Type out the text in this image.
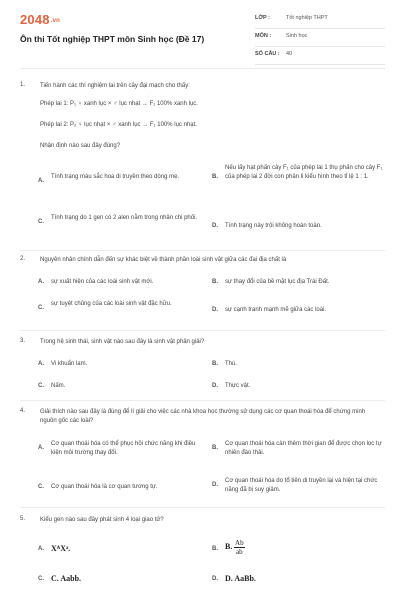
2048.vn
Ôn thi Tốt nghiệp THPT môn Sinh học (Đề 17)
LỚP :	Tốt nghiệp THPT
MÔN :	Sinh học
SỐ CÂU : 40
1. Tiến hành các thí nghiệm lai trên cây đại mạch cho thấy:
Phép lai 1: P₁ ♀ xanh lục × ♂ lục nhạt → F₁ 100% xanh lục.
Phép lai 2: P₂ ♀ lục nhạt × ♂ xanh lục → F₁ 100% lục nhạt.
Nhận định nào sau đây đúng?
A.
Tính trạng màu sắc hoa di truyền theo dòng mẹ.	B.
Nếu lấy hạt phấn cây F₁ của phép lai 1 thụ phấn cho cây F₁ của phép lai 2 đời con phân li kiểu hình theo tỉ lệ 1 : 1.
C.
Tính trạng do 1 gen có 2 alen nằm trong nhân chi phối.
D. Tính trạng này trội không hoàn toàn.
2. Nguyên nhân chính dẫn đến sự khác biệt về thành phần loài sinh vật giữa các đại địa chất là
A. sự xuất hiện của các loài sinh vật mới.	B. sự thay đổi của bề mặt lục địa Trái Đất.
C.
sự tuyệt chủng của các loài sinh vật đặc hữu.
D. sự cạnh tranh mạnh mẽ giữa các loài.
3. Trong hệ sinh thái, sinh vật nào sau đây là sinh vật phân giải?
A. Vi khuẩn lam.	B. Thú.
C. Nấm.	D. Thực vật.
4. Giải thích nào sau đây là đúng để lí giải cho việc các nhà khoa học thường sử dụng các cơ quan thoái hóa để chứng minh nguồn gốc các loài?
A.
Cơ quan thoái hóa có thể phục hồi chức năng khi điều kiện môi trường thay đổi.
B.
Cơ quan thoái hóa càn thêm thời gian để được chọn lọc tự nhiên đào thải.
C. Cơ quan thoái hóa là cơ quan tương tự.	D.
Cơ quan thoái hóa do tổ tiên di truyền lại và hiện tại chức năng đã bị suy giảm.
5. Kiểu gen nào sau đây phát sinh 4 loại giao tử?
A. XᴬXᵃ.	B. B. $\frac{Ab}{ab}$
C. C. Aabb.	D. D. AaBb.
